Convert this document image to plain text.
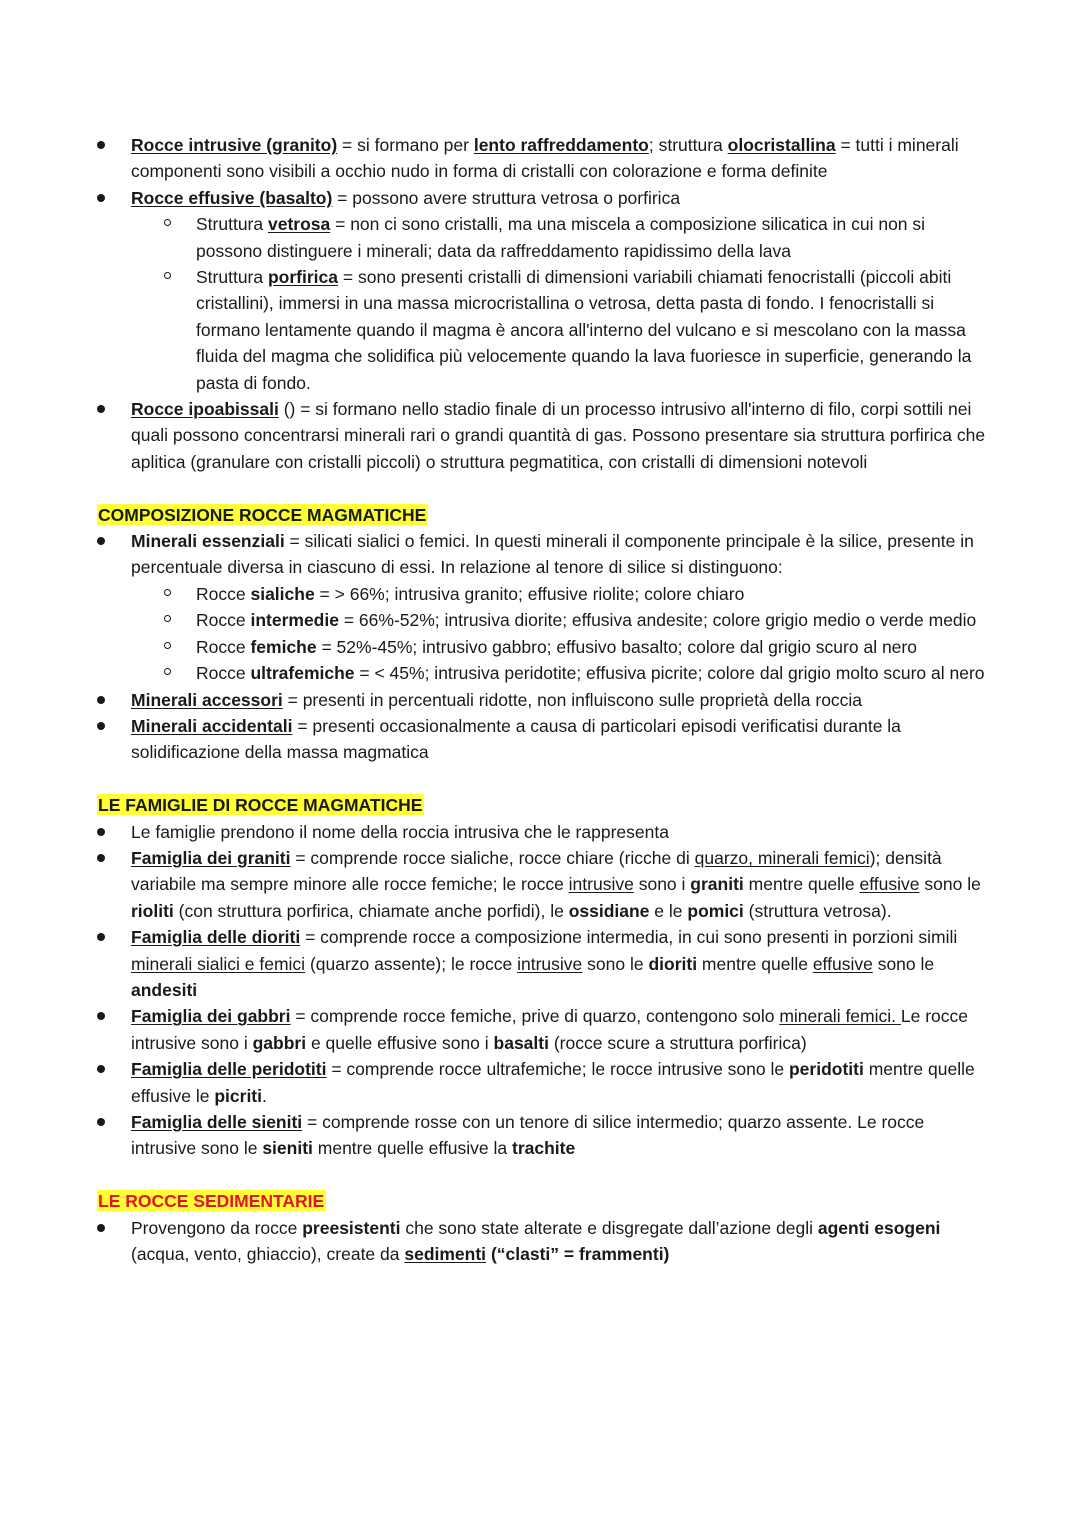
Rocce intrusive (granito) = si formano per lento raffreddamento; struttura olocristallina = tutti i minerali componenti sono visibili a occhio nudo in forma di cristalli con colorazione e forma definite
Rocce effusive (basalto) = possono avere struttura vetrosa o porfirica
Struttura vetrosa = non ci sono cristalli, ma una miscela a composizione silicatica in cui non si possono distinguere i minerali; data da raffreddamento rapidissimo della lava
Struttura porfirica = sono presenti cristalli di dimensioni variabili chiamati fenocristalli (piccoli abiti cristallini), immersi in una massa microcristallina o vetrosa, detta pasta di fondo. I fenocristalli si formano lentamente quando il magma è ancora all'interno del vulcano e si mescolano con la massa fluida del magma che solidifica più velocemente quando la lava fuoriesce in superficie, generando la pasta di fondo.
Rocce ipoabissali () = si formano nello stadio finale di un processo intrusivo all'interno di filo, corpi sottili nei quali possono concentrarsi minerali rari o grandi quantità di gas. Possono presentare sia struttura porfirica che aplitica (granulare con cristalli piccoli) o struttura pegmatitica, con cristalli di dimensioni notevoli
COMPOSIZIONE ROCCE MAGMATICHE
Minerali essenziali = silicati sialici o femici. In questi minerali il componente principale è la silice, presente in percentuale diversa in ciascuno di essi. In relazione al tenore di silice si distinguono:
Rocce sialiche = > 66%; intrusiva granito; effusive riolite; colore chiaro
Rocce intermedie = 66%-52%; intrusiva diorite; effusiva andesite; colore grigio medio o verde medio
Rocce femiche = 52%-45%; intrusivo gabbro; effusivo basalto; colore dal grigio scuro al nero
Rocce ultrafemiche = < 45%; intrusiva peridotite; effusiva picrite; colore dal grigio molto scuro al nero
Minerali accessori = presenti in percentuali ridotte, non influiscono sulle proprietà della roccia
Minerali accidentali = presenti occasionalmente a causa di particolari episodi verificatisi durante la solidificazione della massa magmatica
LE FAMIGLIE DI ROCCE MAGMATICHE
Le famiglie prendono il nome della roccia intrusiva che le rappresenta
Famiglia dei graniti = comprende rocce sialiche, rocce chiare (ricche di quarzo, minerali femici); densità variabile ma sempre minore alle rocce femiche; le rocce intrusive sono i graniti mentre quelle effusive sono le rioliti (con struttura porfirica, chiamate anche porfidi), le ossidiane e le pomici (struttura vetrosa).
Famiglia delle dioriti = comprende rocce a composizione intermedia, in cui sono presenti in porzioni simili minerali sialici e femici (quarzo assente); le rocce intrusive sono le dioriti mentre quelle effusive sono le andesiti
Famiglia dei gabbri = comprende rocce femiche, prive di quarzo, contengono solo minerali femici. Le rocce intrusive sono i gabbri e quelle effusive sono i basalti (rocce scure a struttura porfirica)
Famiglia delle peridotiti = comprende rocce ultrafemiche; le rocce intrusive sono le peridotiti mentre quelle effusive le picriti.
Famiglia delle sieniti = comprende rosse con un tenore di silice intermedio; quarzo assente. Le rocce intrusive sono le sieniti mentre quelle effusive la trachite
LE ROCCE SEDIMENTARIE
Provengono da rocce preesistenti che sono state alterate e disgregate dall’azione degli agenti esogeni (acqua, vento, ghiaccio), create da sedimenti (“clasti” = frammenti)
